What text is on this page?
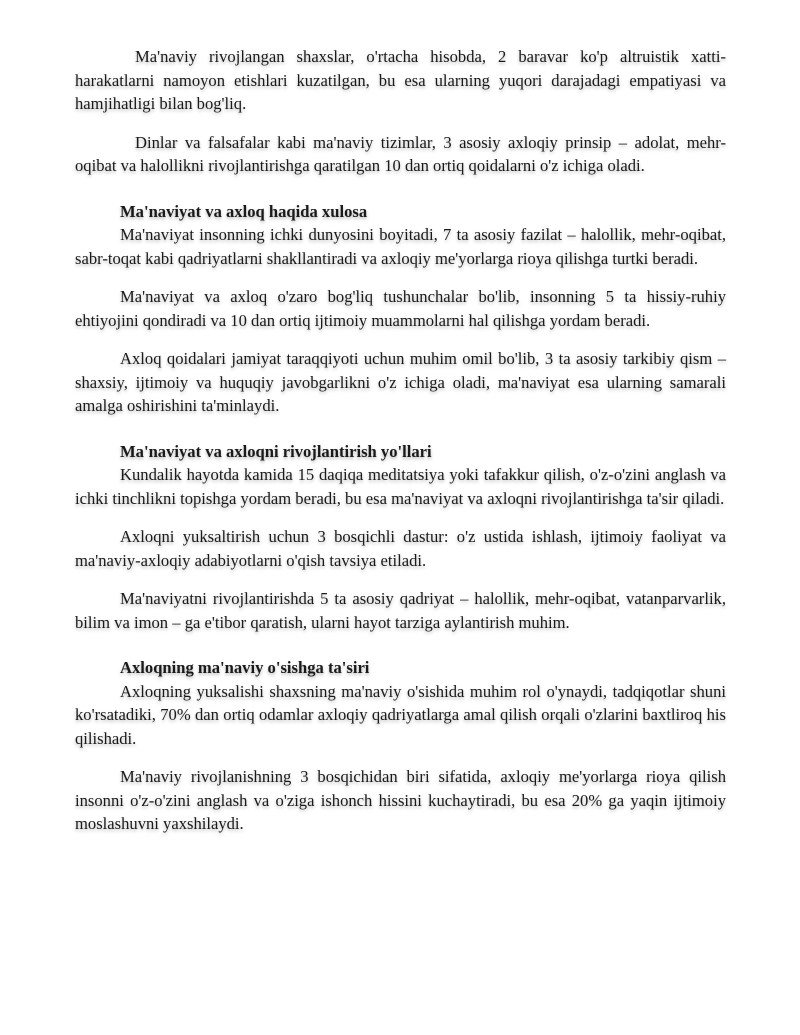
Ma'naviy rivojlangan shaxslar, o'rtacha hisobda, 2 baravar ko'p altruistik xatti-harakatlarni namoyon etishlari kuzatilgan, bu esa ularning yuqori darajadagi empatiyasi va hamjihatligi bilan bog'liq.

Dinlar va falsafalar kabi ma'naviy tizimlar, 3 asosiy axloqiy prinsip – adolat, mehr-oqibat va halollikni rivojlantirishga qaratilgan 10 dan ortiq qoidalarni o'z ichiga oladi.

Ma'naviyat va axloq haqida xulosa

Ma'naviyat insonning ichki dunyosini boyitadi, 7 ta asosiy fazilat – halollik, mehr-oqibat, sabr-toqat kabi qadriyatlarni shakllantiradi va axloqiy me'yorlarga rioya qilishga turtki beradi.

Ma'naviyat va axloq o'zaro bog'liq tushunchalar bo'lib, insonning 5 ta hissiy-ruhiy ehtiyojini qondiradi va 10 dan ortiq ijtimoiy muammolarni hal qilishga yordam beradi.

Axloq qoidalari jamiyat taraqqiyoti uchun muhim omil bo'lib, 3 ta asosiy tarkibiy qism – shaxsiy, ijtimoiy va huquqiy javobgarlikni o'z ichiga oladi, ma'naviyat esa ularning samarali amalga oshirishini ta'minlaydi.

Ma'naviyat va axloqni rivojlantirish yo'llari

Kundalik hayotda kamida 15 daqiqa meditatsiya yoki tafakkur qilish, o'z-o'zini anglash va ichki tinchlikni topishga yordam beradi, bu esa ma'naviyat va axloqni rivojlantirishga ta'sir qiladi.

Axloqni yuksaltirish uchun 3 bosqichli dastur: o'z ustida ishlash, ijtimoiy faoliyat va ma'naviy-axloqiy adabiyotlarni o'qish tavsiya etiladi.

Ma'naviyatni rivojlantirishda 5 ta asosiy qadriyat – halollik, mehr-oqibat, vatanparvarlik, bilim va imon – ga e'tibor qaratish, ularni hayot tarziga aylantirish muhim.

Axloqning ma'naviy o'sishga ta'siri

Axloqning yuksalishi shaxsning ma'naviy o'sishida muhim rol o'ynaydi, tadqiqotlar shuni ko'rsatadiki, 70% dan ortiq odamlar axloqiy qadriyatlarga amal qilish orqali o'zlarini baxtliroq his qilishadi.

Ma'naviy rivojlanishning 3 bosqichidan biri sifatida, axloqiy me'yorlarga rioya qilish insonni o'z-o'zini anglash va o'ziga ishonch hissini kuchaytiradi, bu esa 20% ga yaqin ijtimoiy moslashuvni yaxshilaydi.
